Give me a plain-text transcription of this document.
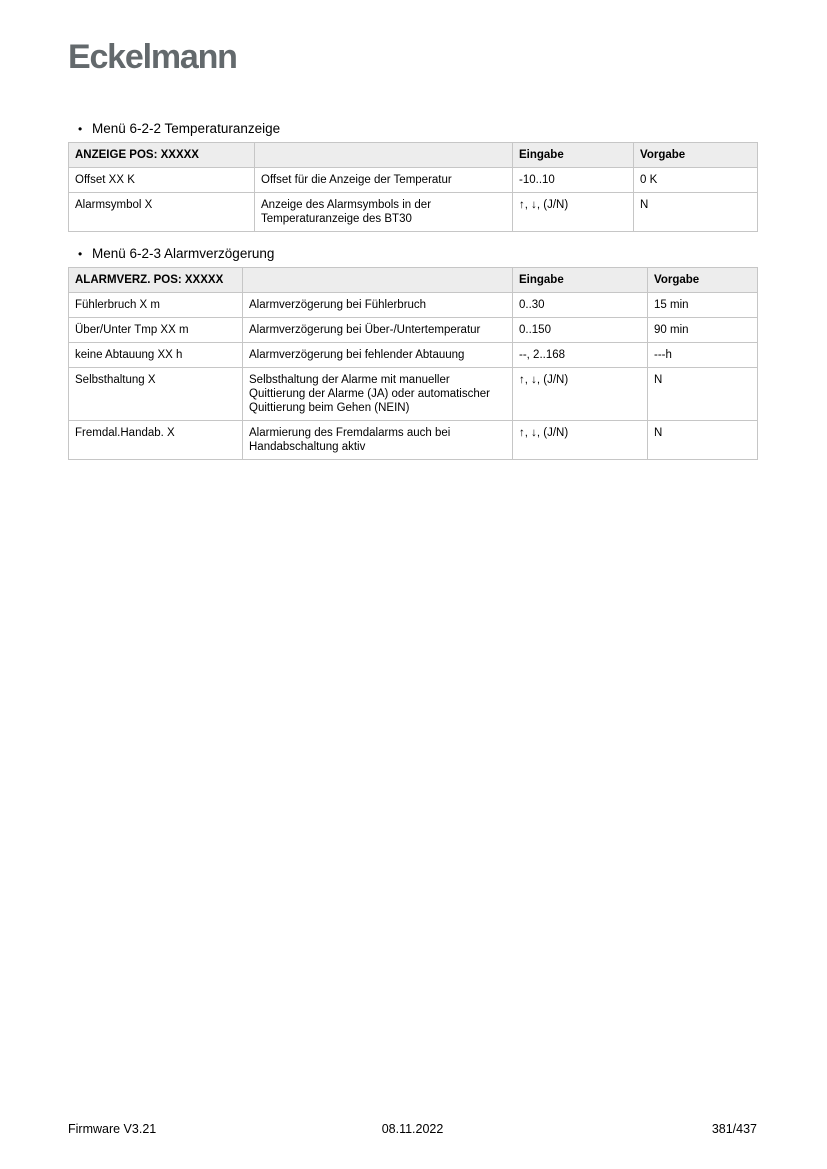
Eckelmann
• Menü 6-2-2 Temperaturanzeige
ANZEIGE POS: XXXXX		Eingabe	Vorgabe
Offset XX K	Offset für die Anzeige der Temperatur	-10..10	0 K
Alarmsymbol X	Anzeige des Alarmsymbols in der Temperaturanzeige des BT30	↑, ↓, (J/N)	N
• Menü 6-2-3 Alarmverzögerung
ALARMVERZ. POS: XXXXX		Eingabe	Vorgabe
Fühlerbruch X m	Alarmverzögerung bei Fühlerbruch	0..30	15 min
Über/Unter Tmp XX m	Alarmverzögerung bei Über-/Untertemperatur	0..150	90 min
keine Abtauung XX h	Alarmverzögerung bei fehlender Abtauung	--, 2..168	---h
Selbsthaltung X	Selbsthaltung der Alarme mit manueller Quittierung der Alarme (JA) oder automatischer Quittierung beim Gehen (NEIN)	↑, ↓, (J/N)	N
Fremdal.Handab. X	Alarmierung des Fremdalarms auch bei Handabschaltung aktiv	↑, ↓, (J/N)	N
Firmware V3.21	08.11.2022	381/437
